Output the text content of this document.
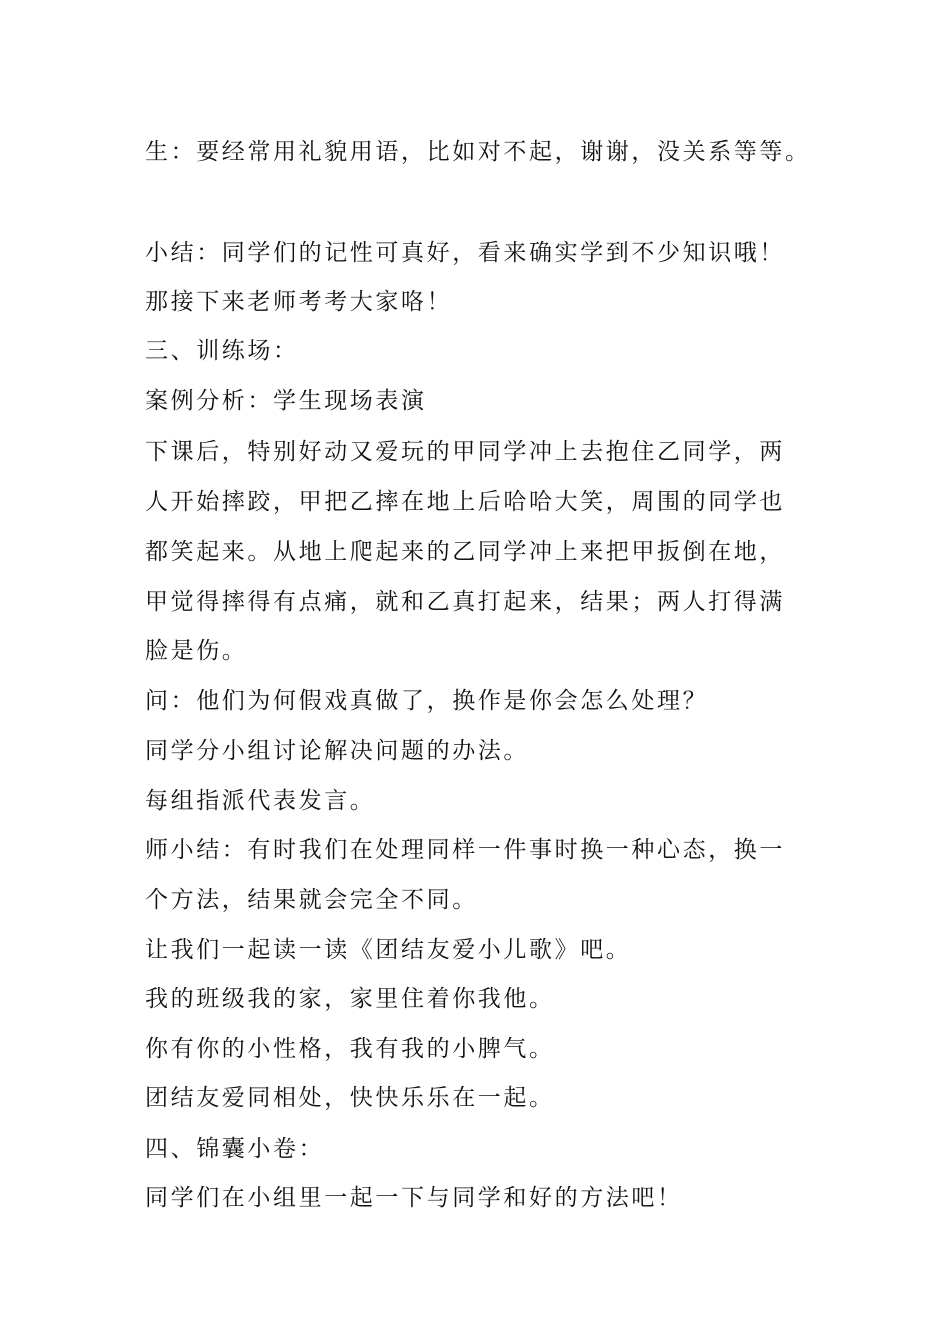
生：要经常用礼貌用语，比如对不起，谢谢，没关系等等。
小结：同学们的记性可真好，看来确实学到不少知识哦！
那接下来老师考考大家咯！
三、训练场：
案例分析：学生现场表演
下课后，特别好动又爱玩的甲同学冲上去抱住乙同学，两
人开始摔跤，甲把乙摔在地上后哈哈大笑，周围的同学也
都笑起来。从地上爬起来的乙同学冲上来把甲扳倒在地，
甲觉得摔得有点痛，就和乙真打起来，结果；两人打得满
脸是伤。
问：他们为何假戏真做了，换作是你会怎么处理？
同学分小组讨论解决问题的办法。
每组指派代表发言。
师小结：有时我们在处理同样一件事时换一种心态，换一
个方法，结果就会完全不同。
让我们一起读一读《团结友爱小儿歌》吧。
我的班级我的家，家里住着你我他。
你有你的小性格，我有我的小脾气。
团结友爱同相处，快快乐乐在一起。
四、锦囊小卷：
同学们在小组里一起一下与同学和好的方法吧！
